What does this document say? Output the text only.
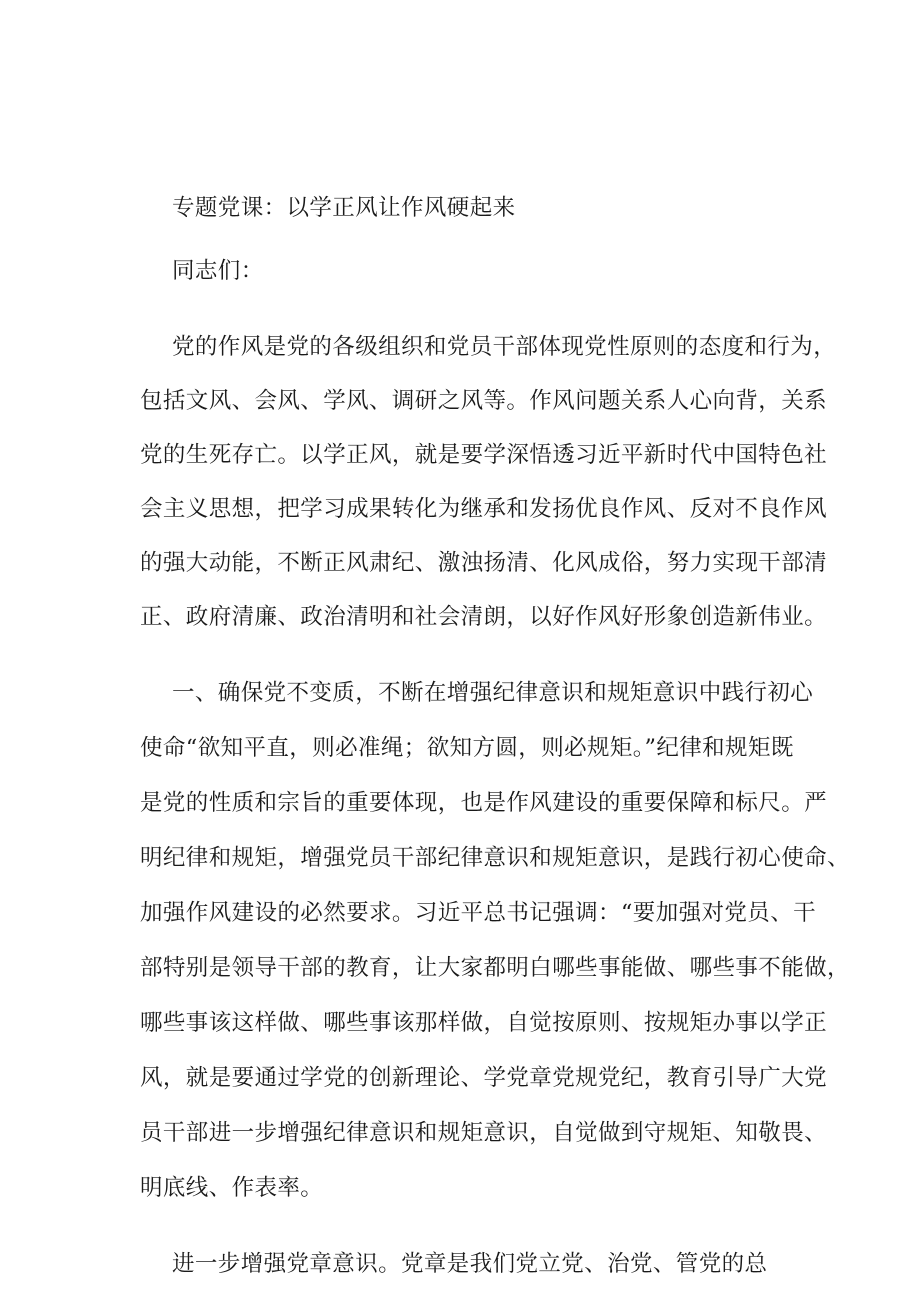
专题党课：以学正风让作风硬起来
同志们：
党的作风是党的各级组织和党员干部体现党性原则的态度和行为，
包括文风、会风、学风、调研之风等。作风问题关系人心向背，关系
党的生死存亡。以学正风，就是要学深悟透习近平新时代中国特色社
会主义思想，把学习成果转化为继承和发扬优良作风、反对不良作风
的强大动能，不断正风肃纪、激浊扬清、化风成俗，努力实现干部清
正、政府清廉、政治清明和社会清朗，以好作风好形象创造新伟业。
一、确保党不变质，不断在增强纪律意识和规矩意识中践行初心
使命“欲知平直，则必准绳；欲知方圆，则必规矩。”纪律和规矩既
是党的性质和宗旨的重要体现，也是作风建设的重要保障和标尺。严
明纪律和规矩，增强党员干部纪律意识和规矩意识，是践行初心使命、
加强作风建设的必然要求。习近平总书记强调：“要加强对党员、干
部特别是领导干部的教育，让大家都明白哪些事能做、哪些事不能做，
哪些事该这样做、哪些事该那样做，自觉按原则、按规矩办事以学正
风，就是要通过学党的创新理论、学党章党规党纪，教育引导广大党
员干部进一步增强纪律意识和规矩意识，自觉做到守规矩、知敬畏、
明底线、作表率。
进一步增强党章意识。党章是我们党立党、治党、管党的总
